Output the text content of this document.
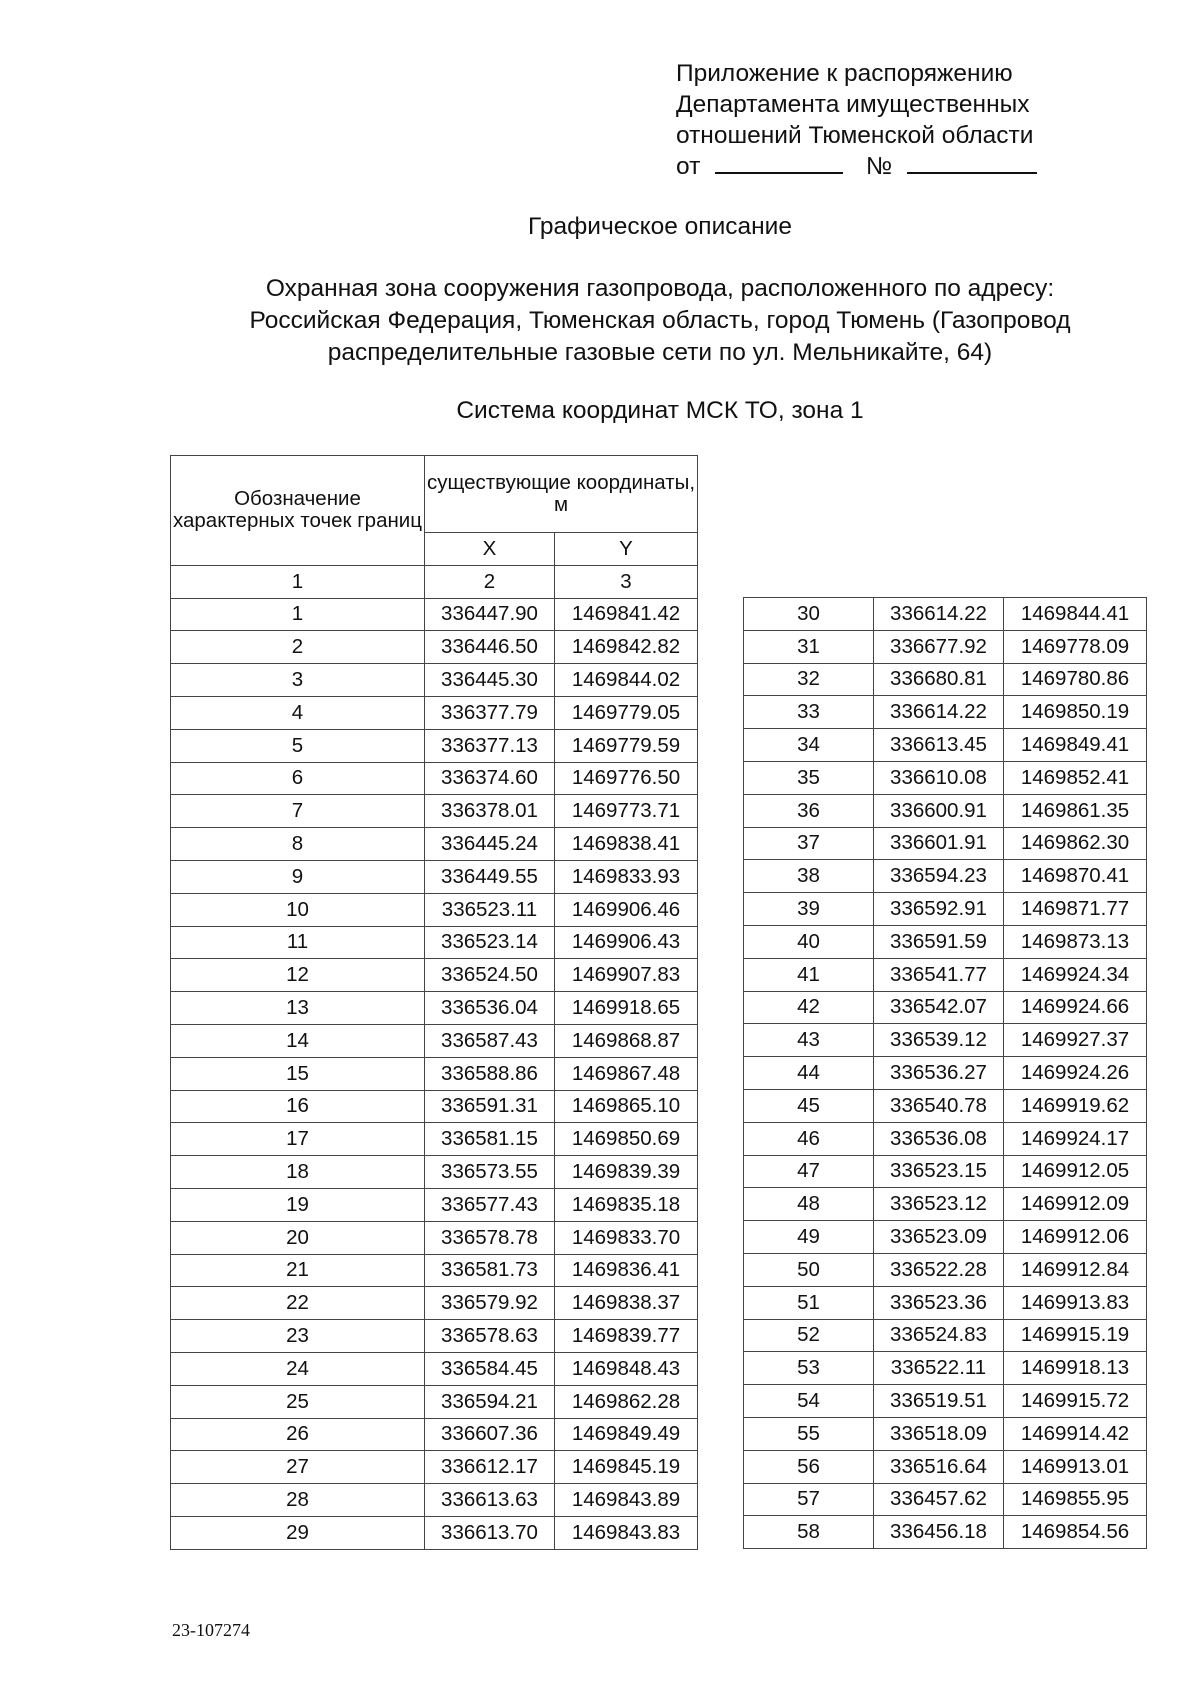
Приложение к распоряжению
Департамента имущественных
отношений Тюменской области
от	№
Графическое описание
Охранная зона сооружения газопровода, расположенного по адресу:
Российская Федерация, Тюменская область, город Тюмень (Газопровод
распределительные газовые сети по ул. Мельникайте, 64)
Система координат МСК ТО, зона 1
Обозначение характерных точек границ	существующие координаты, м	
	X	Y
1	2	3
1	336447.90	1469841.42
2	336446.50	1469842.82
3	336445.30	1469844.02
4	336377.79	1469779.05
5	336377.13	1469779.59
6	336374.60	1469776.50
7	336378.01	1469773.71
8	336445.24	1469838.41
9	336449.55	1469833.93
10	336523.11	1469906.46
11	336523.14	1469906.43
12	336524.50	1469907.83
13	336536.04	1469918.65
14	336587.43	1469868.87
15	336588.86	1469867.48
16	336591.31	1469865.10
17	336581.15	1469850.69
18	336573.55	1469839.39
19	336577.43	1469835.18
20	336578.78	1469833.70
21	336581.73	1469836.41
22	336579.92	1469838.37
23	336578.63	1469839.77
24	336584.45	1469848.43
25	336594.21	1469862.28
26	336607.36	1469849.49
27	336612.17	1469845.19
28	336613.63	1469843.89
29	336613.70	1469843.83
30	336614.22	1469844.41
31	336677.92	1469778.09
32	336680.81	1469780.86
33	336614.22	1469850.19
34	336613.45	1469849.41
35	336610.08	1469852.41
36	336600.91	1469861.35
37	336601.91	1469862.30
38	336594.23	1469870.41
39	336592.91	1469871.77
40	336591.59	1469873.13
41	336541.77	1469924.34
42	336542.07	1469924.66
43	336539.12	1469927.37
44	336536.27	1469924.26
45	336540.78	1469919.62
46	336536.08	1469924.17
47	336523.15	1469912.05
48	336523.12	1469912.09
49	336523.09	1469912.06
50	336522.28	1469912.84
51	336523.36	1469913.83
52	336524.83	1469915.19
53	336522.11	1469918.13
54	336519.51	1469915.72
55	336518.09	1469914.42
56	336516.64	1469913.01
57	336457.62	1469855.95
58	336456.18	1469854.56
23-107274
